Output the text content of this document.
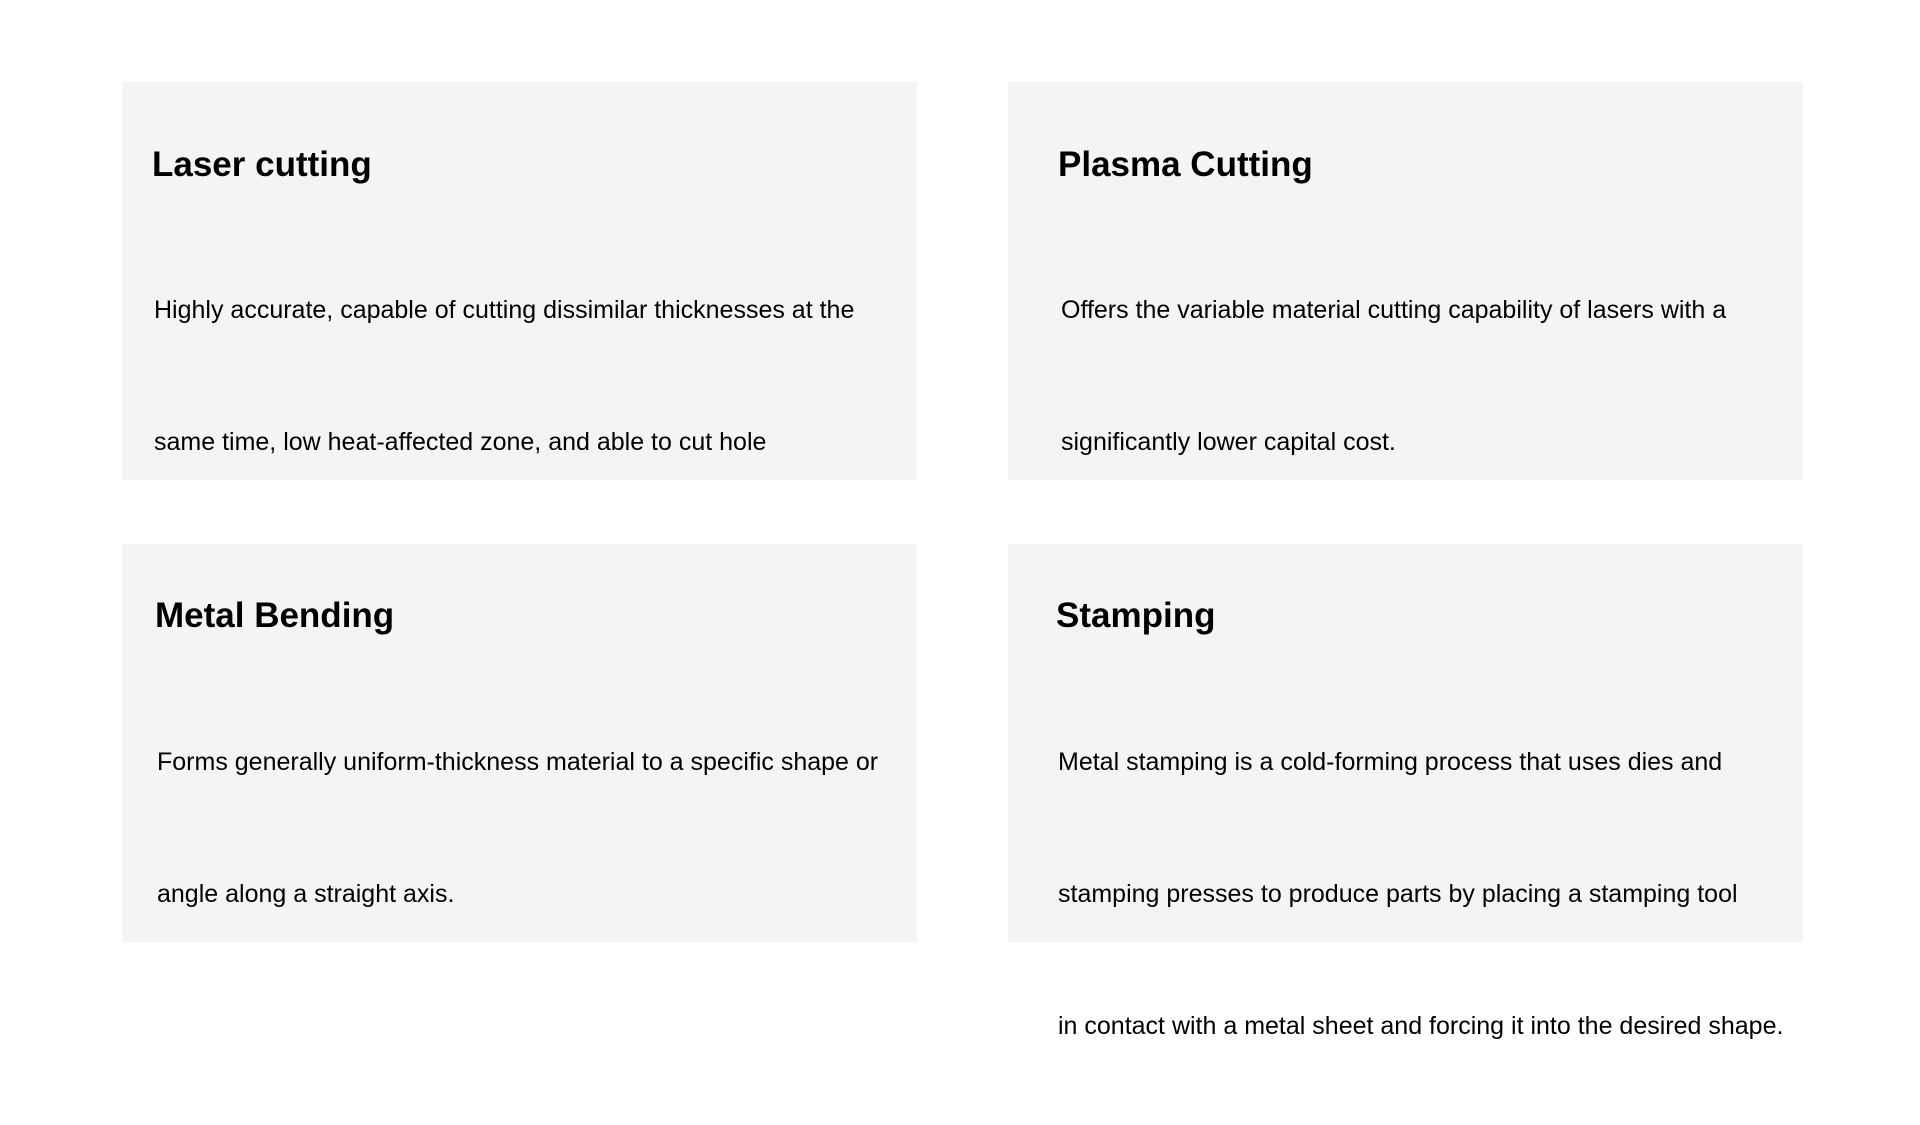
Laser cutting

Highly accurate, capable of cutting dissimilar thicknesses at the

same time, low heat-affected zone, and able to cut hole

Plasma Cutting

Offers the variable material cutting capability of lasers with a

significantly lower capital cost.

Metal Bending

Forms generally uniform-thickness material to a specific shape or

angle along a straight axis.

Stamping

Metal stamping is a cold-forming process that uses dies and

stamping presses to produce parts by placing a stamping tool

in contact with a metal sheet and forcing it into the desired shape.
